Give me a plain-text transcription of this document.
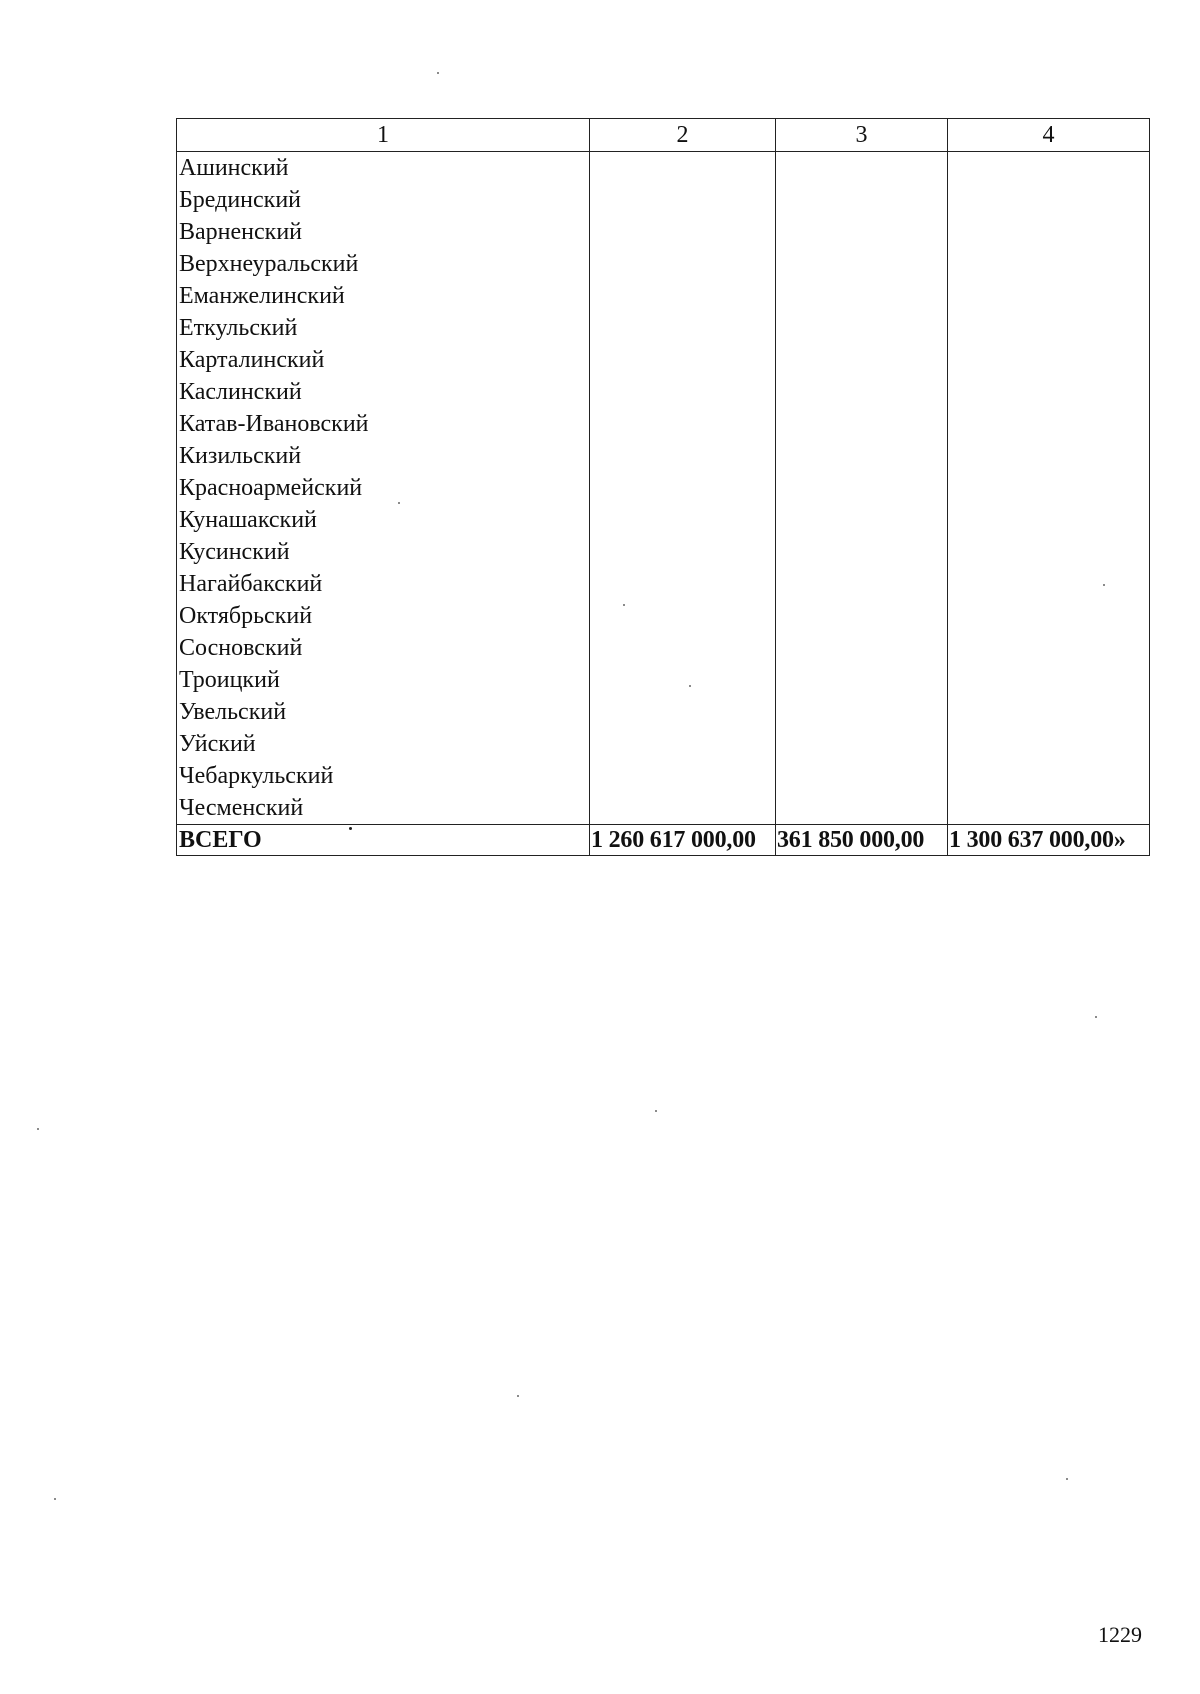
1	2	3	4
Ашинский			
Брединский			
Варненский			
Верхнеуральский			
Еманжелинский			
Еткульский			
Карталинский			
Каслинский			
Катав-Ивановский			
Кизильский			
Красноармейский			
Кунашакский			
Кусинский			
Нагайбакский			
Октябрьский			
Сосновский			
Троицкий			
Увельский			
Уйский			
Чебаркульский			
Чесменский			
ВСЕГО	1 260 617 000,00	361 850 000,00	1 300 637 000,00»
1229
